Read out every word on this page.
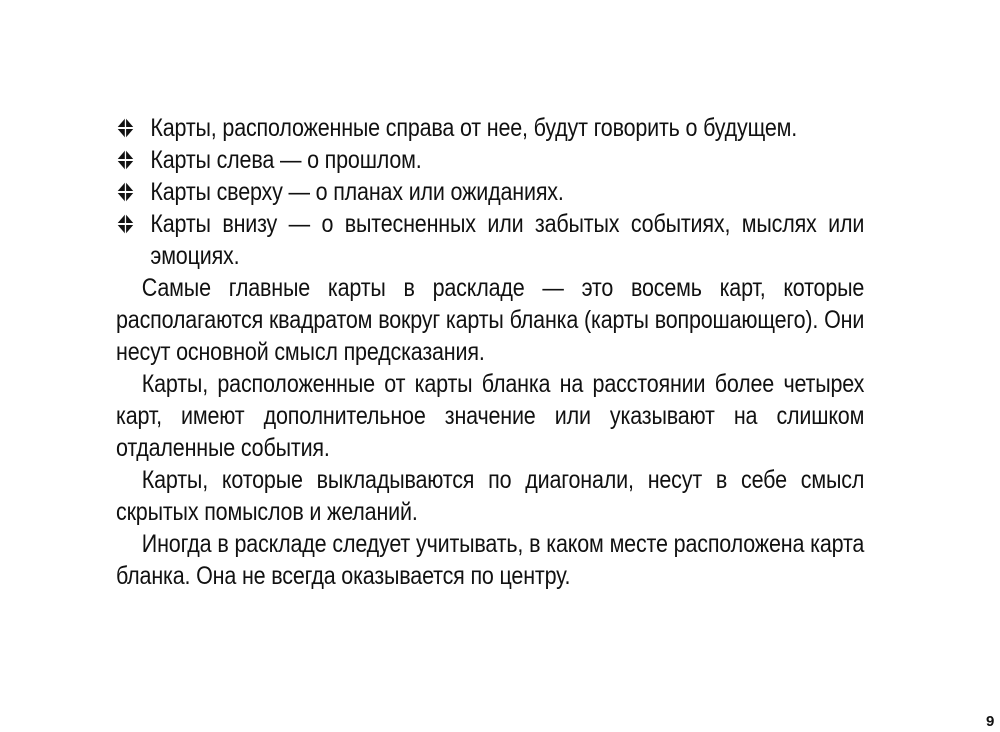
Карты, расположенные справа от нее, будут говорить о будущем.
Карты слева — о прошлом.
Карты сверху — о планах или ожиданиях.
Карты внизу — о вытесненных или забытых событиях, мыслях или эмоциях.

Самые главные карты в раскладе — это восемь карт, которые располагаются квадратом вокруг карты бланка (карты вопрошающего). Они несут основной смысл предсказания.

Карты, расположенные от карты бланка на расстоянии более четырех карт, имеют дополнительное значение или указывают на слишком отдаленные события.

Карты, которые выкладываются по диагонали, несут в себе смысл скрытых помыслов и желаний.

Иногда в раскладе следует учитывать, в каком месте расположена карта бланка. Она не всегда оказывается по центру.

9
